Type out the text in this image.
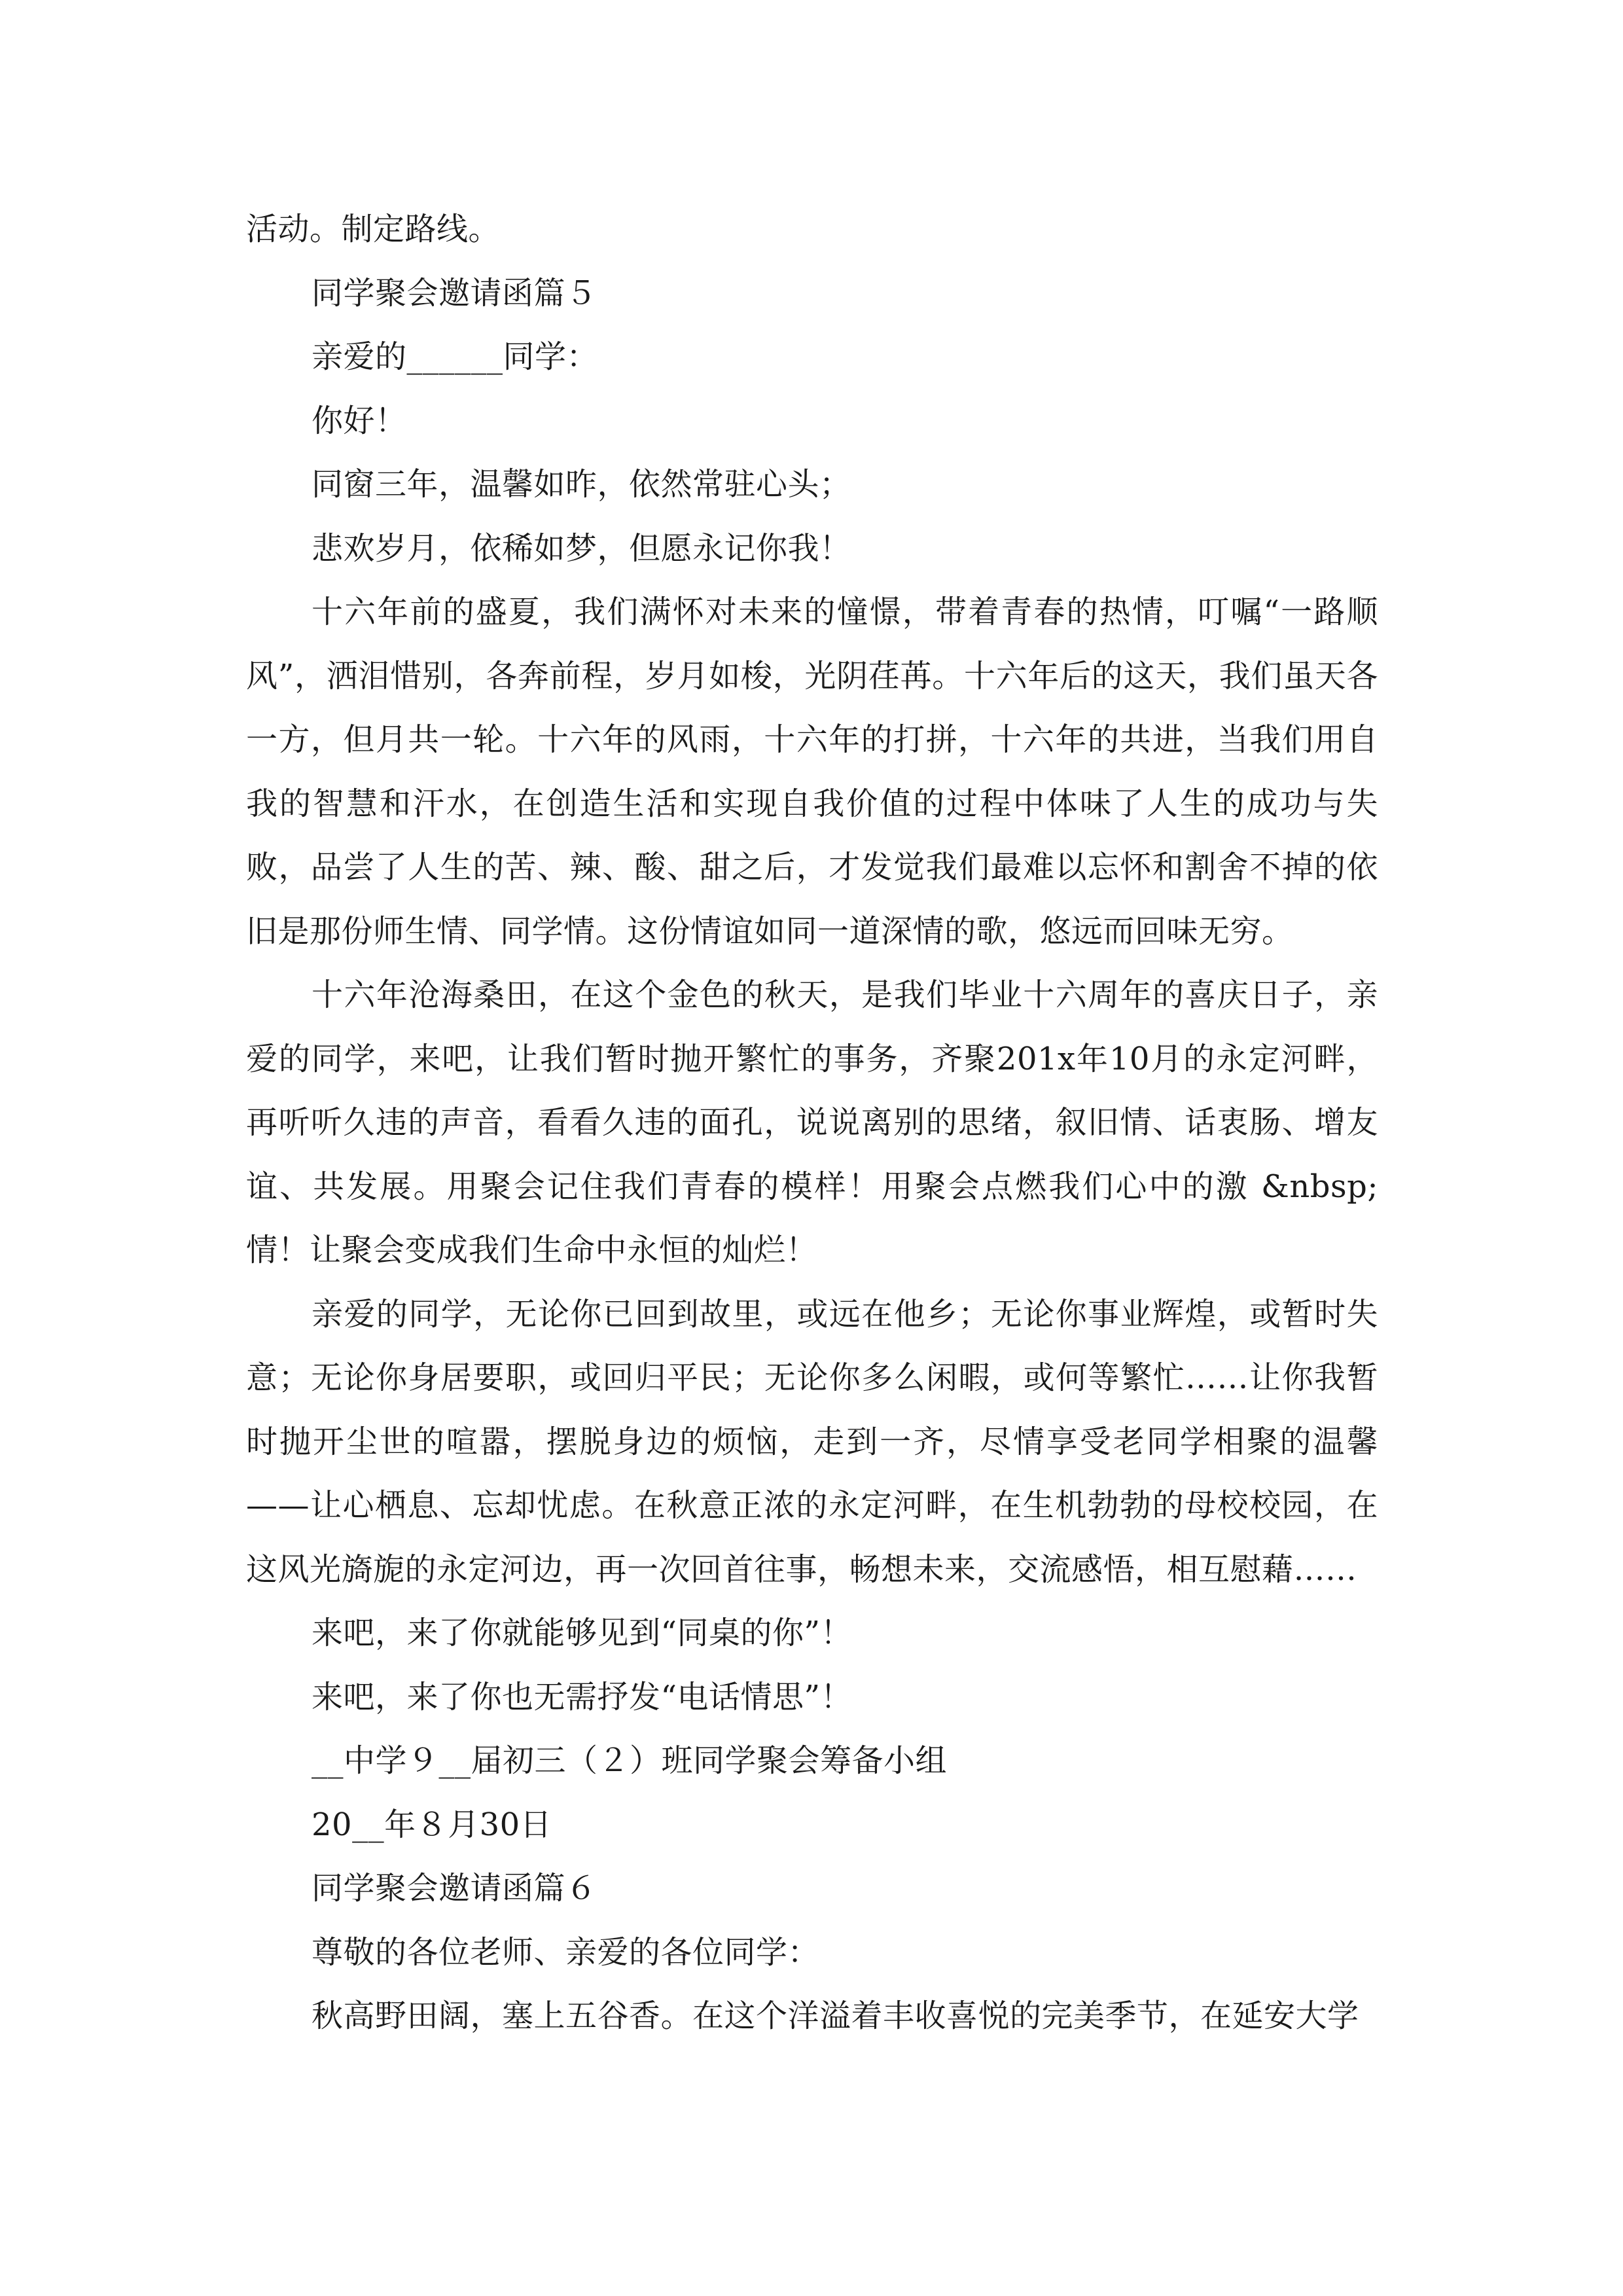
活动。制定路线。

同学聚会邀请函篇５

亲爱的______同学：

你好！

同窗三年，温馨如昨，依然常驻心头；

悲欢岁月，依稀如梦，但愿永记你我！

十六年前的盛夏，我们满怀对未来的憧憬，带着青春的热情，叮嘱“一路顺风”，洒泪惜别，各奔前程，岁月如梭，光阴荏苒。十六年后的这天，我们虽天各一方，但月共一轮。十六年的风雨，十六年的打拼，十六年的共进，当我们用自我的智慧和汗水，在创造生活和实现自我价值的过程中体味了人生的成功与失败，品尝了人生的苦、辣、酸、甜之后，才发觉我们最难以忘怀和割舍不掉的依旧是那份师生情、同学情。这份情谊如同一道深情的歌，悠远而回味无穷。

十六年沧海桑田，在这个金色的秋天，是我们毕业十六周年的喜庆日子，亲爱的同学，来吧，让我们暂时抛开繁忙的事务，齐聚201x年10月的永定河畔，再听听久违的声音，看看久违的面孔，说说离别的思绪，叙旧情、话衷肠、增友谊、共发展。用聚会记住我们青春的模样！用聚会点燃我们心中的激 &nbsp;情！让聚会变成我们生命中永恒的灿烂！

亲爱的同学，无论你已回到故里，或远在他乡；无论你事业辉煌，或暂时失意；无论你身居要职，或回归平民；无论你多么闲暇，或何等繁忙……让你我暂时抛开尘世的喧嚣，摆脱身边的烦恼，走到一齐，尽情享受老同学相聚的温馨——让心栖息、忘却忧虑。在秋意正浓的永定河畔，在生机勃勃的母校校园，在这风光旖旎的永定河边，再一次回首往事，畅想未来，交流感悟，相互慰藉……

来吧，来了你就能够见到“同桌的你”！

来吧，来了你也无需抒发“电话情思”！

__中学９__届初三（２）班同学聚会筹备小组

20__年８月30日

同学聚会邀请函篇６

尊敬的各位老师、亲爱的各位同学：

秋高野田阔，塞上五谷香。在这个洋溢着丰收喜悦的完美季节，在延安大学
